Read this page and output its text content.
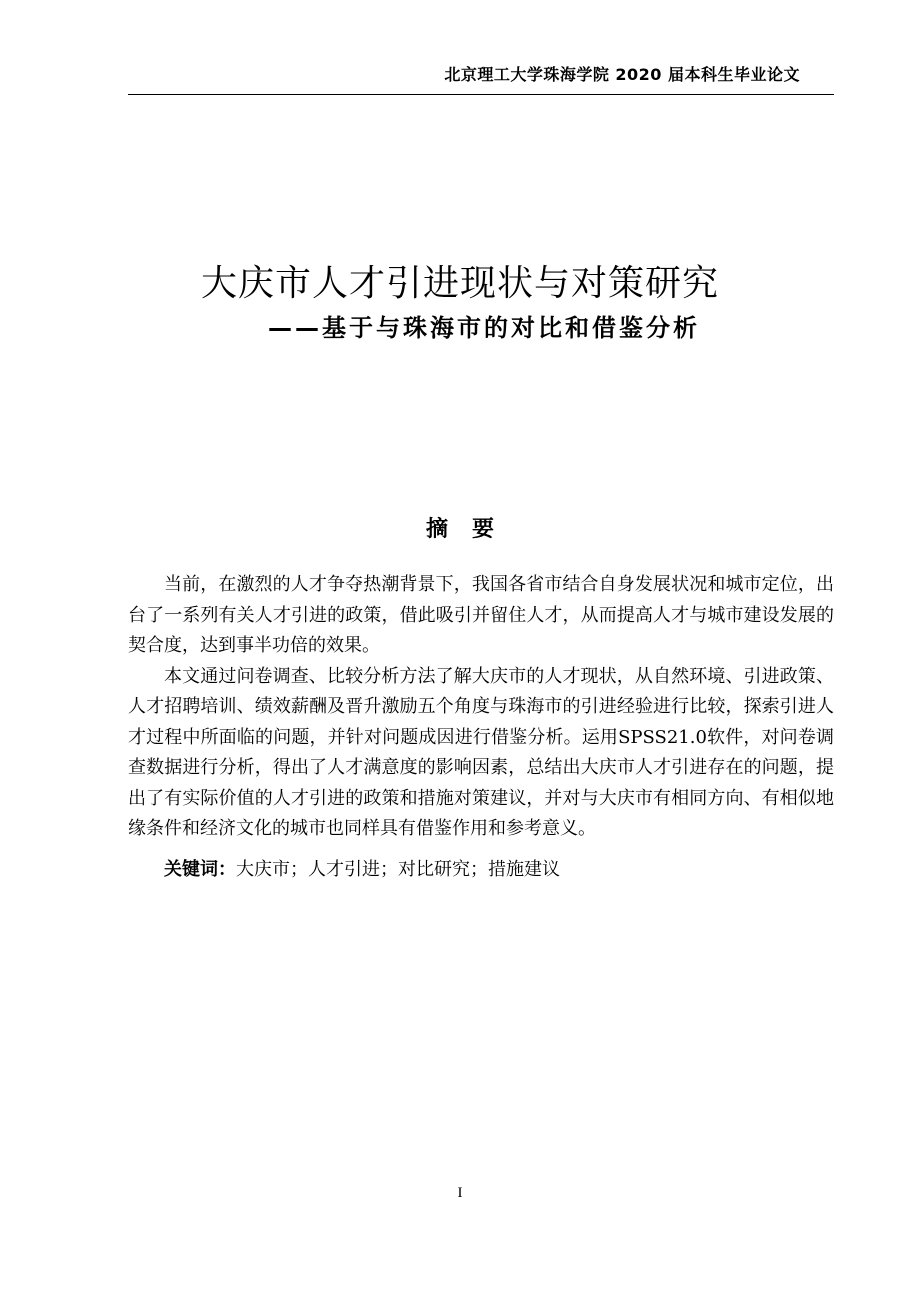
北京理工大学珠海学院 2020 届本科生毕业论文
大庆市人才引进现状与对策研究
——基于与珠海市的对比和借鉴分析
摘要

当前，在激烈的人才争夺热潮背景下，我国各省市结合自身发展状况和城市定位，出台了一系列有关人才引进的政策，借此吸引并留住人才，从而提高人才与城市建设发展的契合度，达到事半功倍的效果。

本文通过问卷调查、比较分析方法了解大庆市的人才现状，从自然环境、引进政策、人才招聘培训、绩效薪酬及晋升激励五个角度与珠海市的引进经验进行比较，探索引进人才过程中所面临的问题，并针对问题成因进行借鉴分析。运用SPSS21.0软件，对问卷调查数据进行分析，得出了人才满意度的影响因素，总结出大庆市人才引进存在的问题，提出了有实际价值的人才引进的政策和措施对策建议，并对与大庆市有相同方向、有相似地缘条件和经济文化的城市也同样具有借鉴作用和参考意义。

关键词：大庆市；人才引进；对比研究；措施建议
I
